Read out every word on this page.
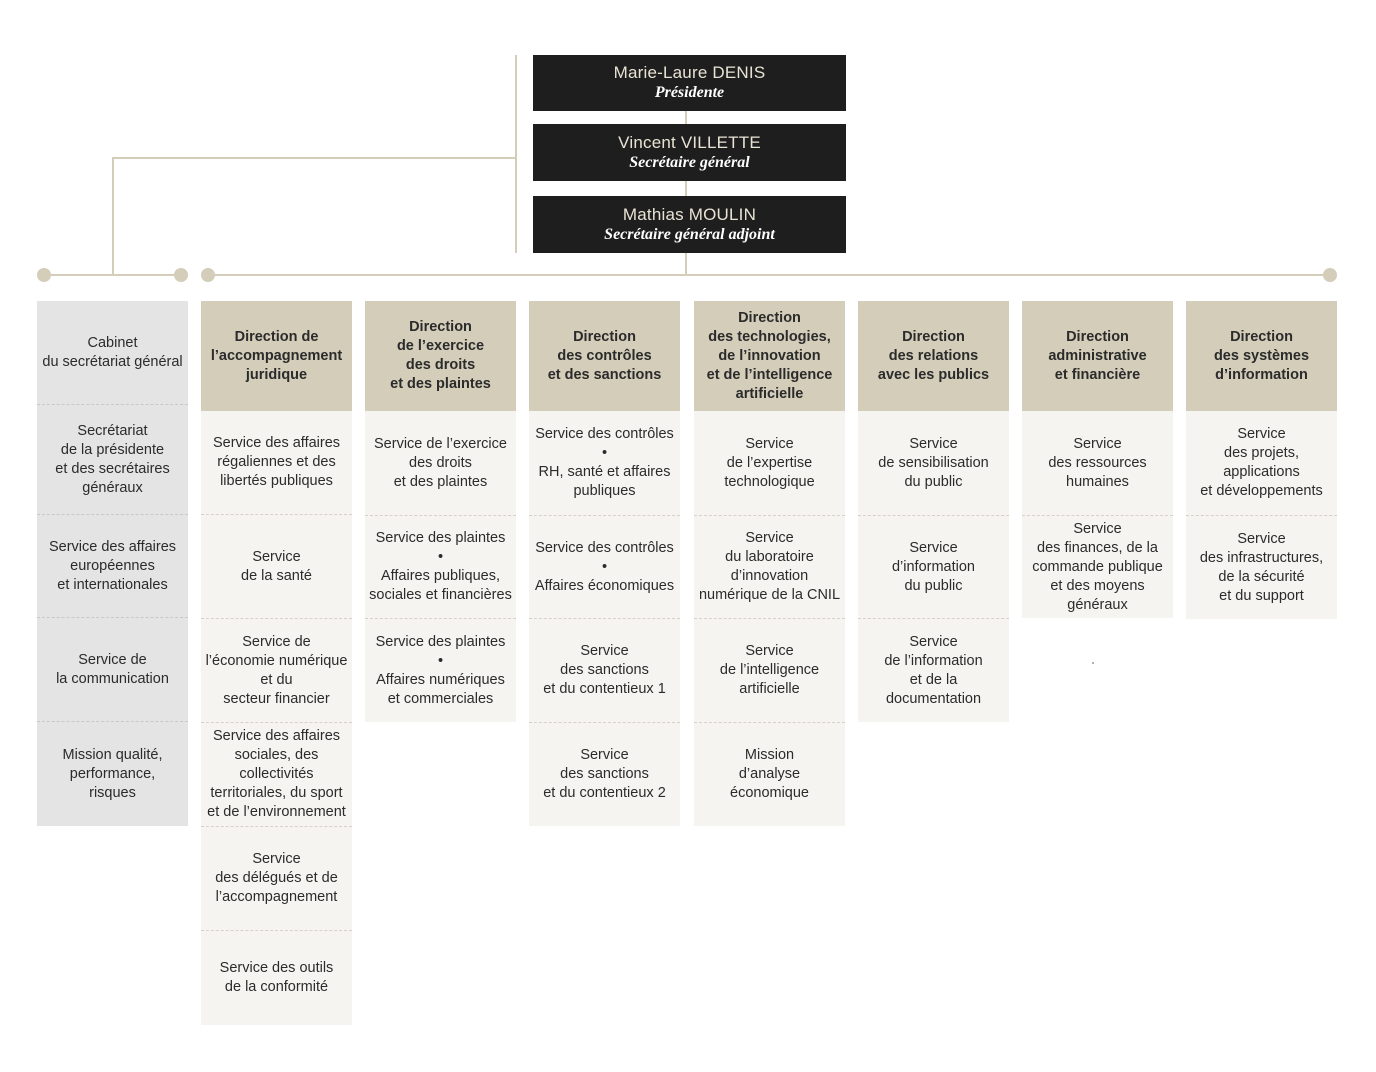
Marie-Laure DENIS
Présidente
Vincent VILLETTE
Secrétaire général
Mathias MOULIN
Secrétaire général adjoint
Cabinet
du secrétariat général
Secrétariat
de la présidente
et des secrétaires
généraux
Service des affaires
européennes
et internationales
Service de
la communication
Mission qualité,
performance,
risques
Direction de
l’accompagnement
juridique
Service des affaires
régaliennes et des
libertés publiques
Service
de la santé
Service de
l’économie numérique
et du
secteur financier
Service des affaires
sociales, des collectivités
territoriales, du sport
et de l’environnement
Service
des délégués et de
l’accompagnement
Service des outils
de la conformité
Direction
de l’exercice
des droits
et des plaintes
Service de l’exercice
des droits
et des plaintes
Service des plaintes
•
Affaires publiques,
sociales et financières
Service des plaintes
•
Affaires numériques
et commerciales
Direction
des contrôles
et des sanctions
Service des contrôles
•
RH, santé et affaires
publiques
Service des contrôles
•
Affaires économiques
Service
des sanctions
et du contentieux 1
Service
des sanctions
et du contentieux 2
Direction
des technologies,
de l’innovation
et de l’intelligence
artificielle
Service
de l’expertise
technologique
Service
du laboratoire
d’innovation
numérique de la CNIL
Service
de l’intelligence
artificielle
Mission
d’analyse
économique
Direction
des relations
avec les publics
Service
de sensibilisation
du public
Service
d’information
du public
Service
de l’information
et de la documentation
Direction
administrative
et financière
Service
des ressources
humaines
Service
des finances, de la
commande publique
et des moyens généraux
Direction
des systèmes
d’information
Service
des projets,
applications
et développements
Service
des infrastructures,
de la sécurité
et du support
